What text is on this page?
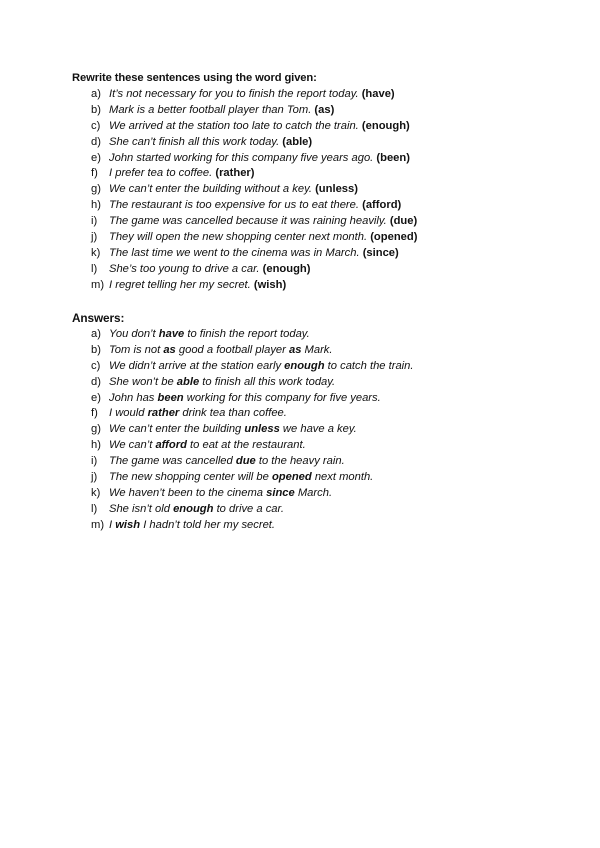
Rewrite these sentences using the word given:
a) It’s not necessary for you to finish the report today. (have)
b) Mark is a better football player than Tom. (as)
c) We arrived at the station too late to catch the train. (enough)
d) She can’t finish all this work today. (able)
e) John started working for this company five years ago. (been)
f) I prefer tea to coffee. (rather)
g) We can’t enter the building without a key. (unless)
h) The restaurant is too expensive for us to eat there. (afford)
i) The game was cancelled because it was raining heavily. (due)
j) They will open the new shopping center next month. (opened)
k) The last time we went to the cinema was in March. (since)
l) She’s too young to drive a car. (enough)
m) I regret telling her my secret. (wish)
Answers:
a) You don’t have to finish the report today.
b) Tom is not as good a football player as Mark.
c) We didn’t arrive at the station early enough to catch the train.
d) She won’t be able to finish all this work today.
e) John has been working for this company for five years.
f) I would rather drink tea than coffee.
g) We can’t enter the building unless we have a key.
h) We can’t afford to eat at the restaurant.
i) The game was cancelled due to the heavy rain.
j) The new shopping center will be opened next month.
k) We haven’t been to the cinema since March.
l) She isn’t old enough to drive a car.
m) I wish I hadn’t told her my secret.
